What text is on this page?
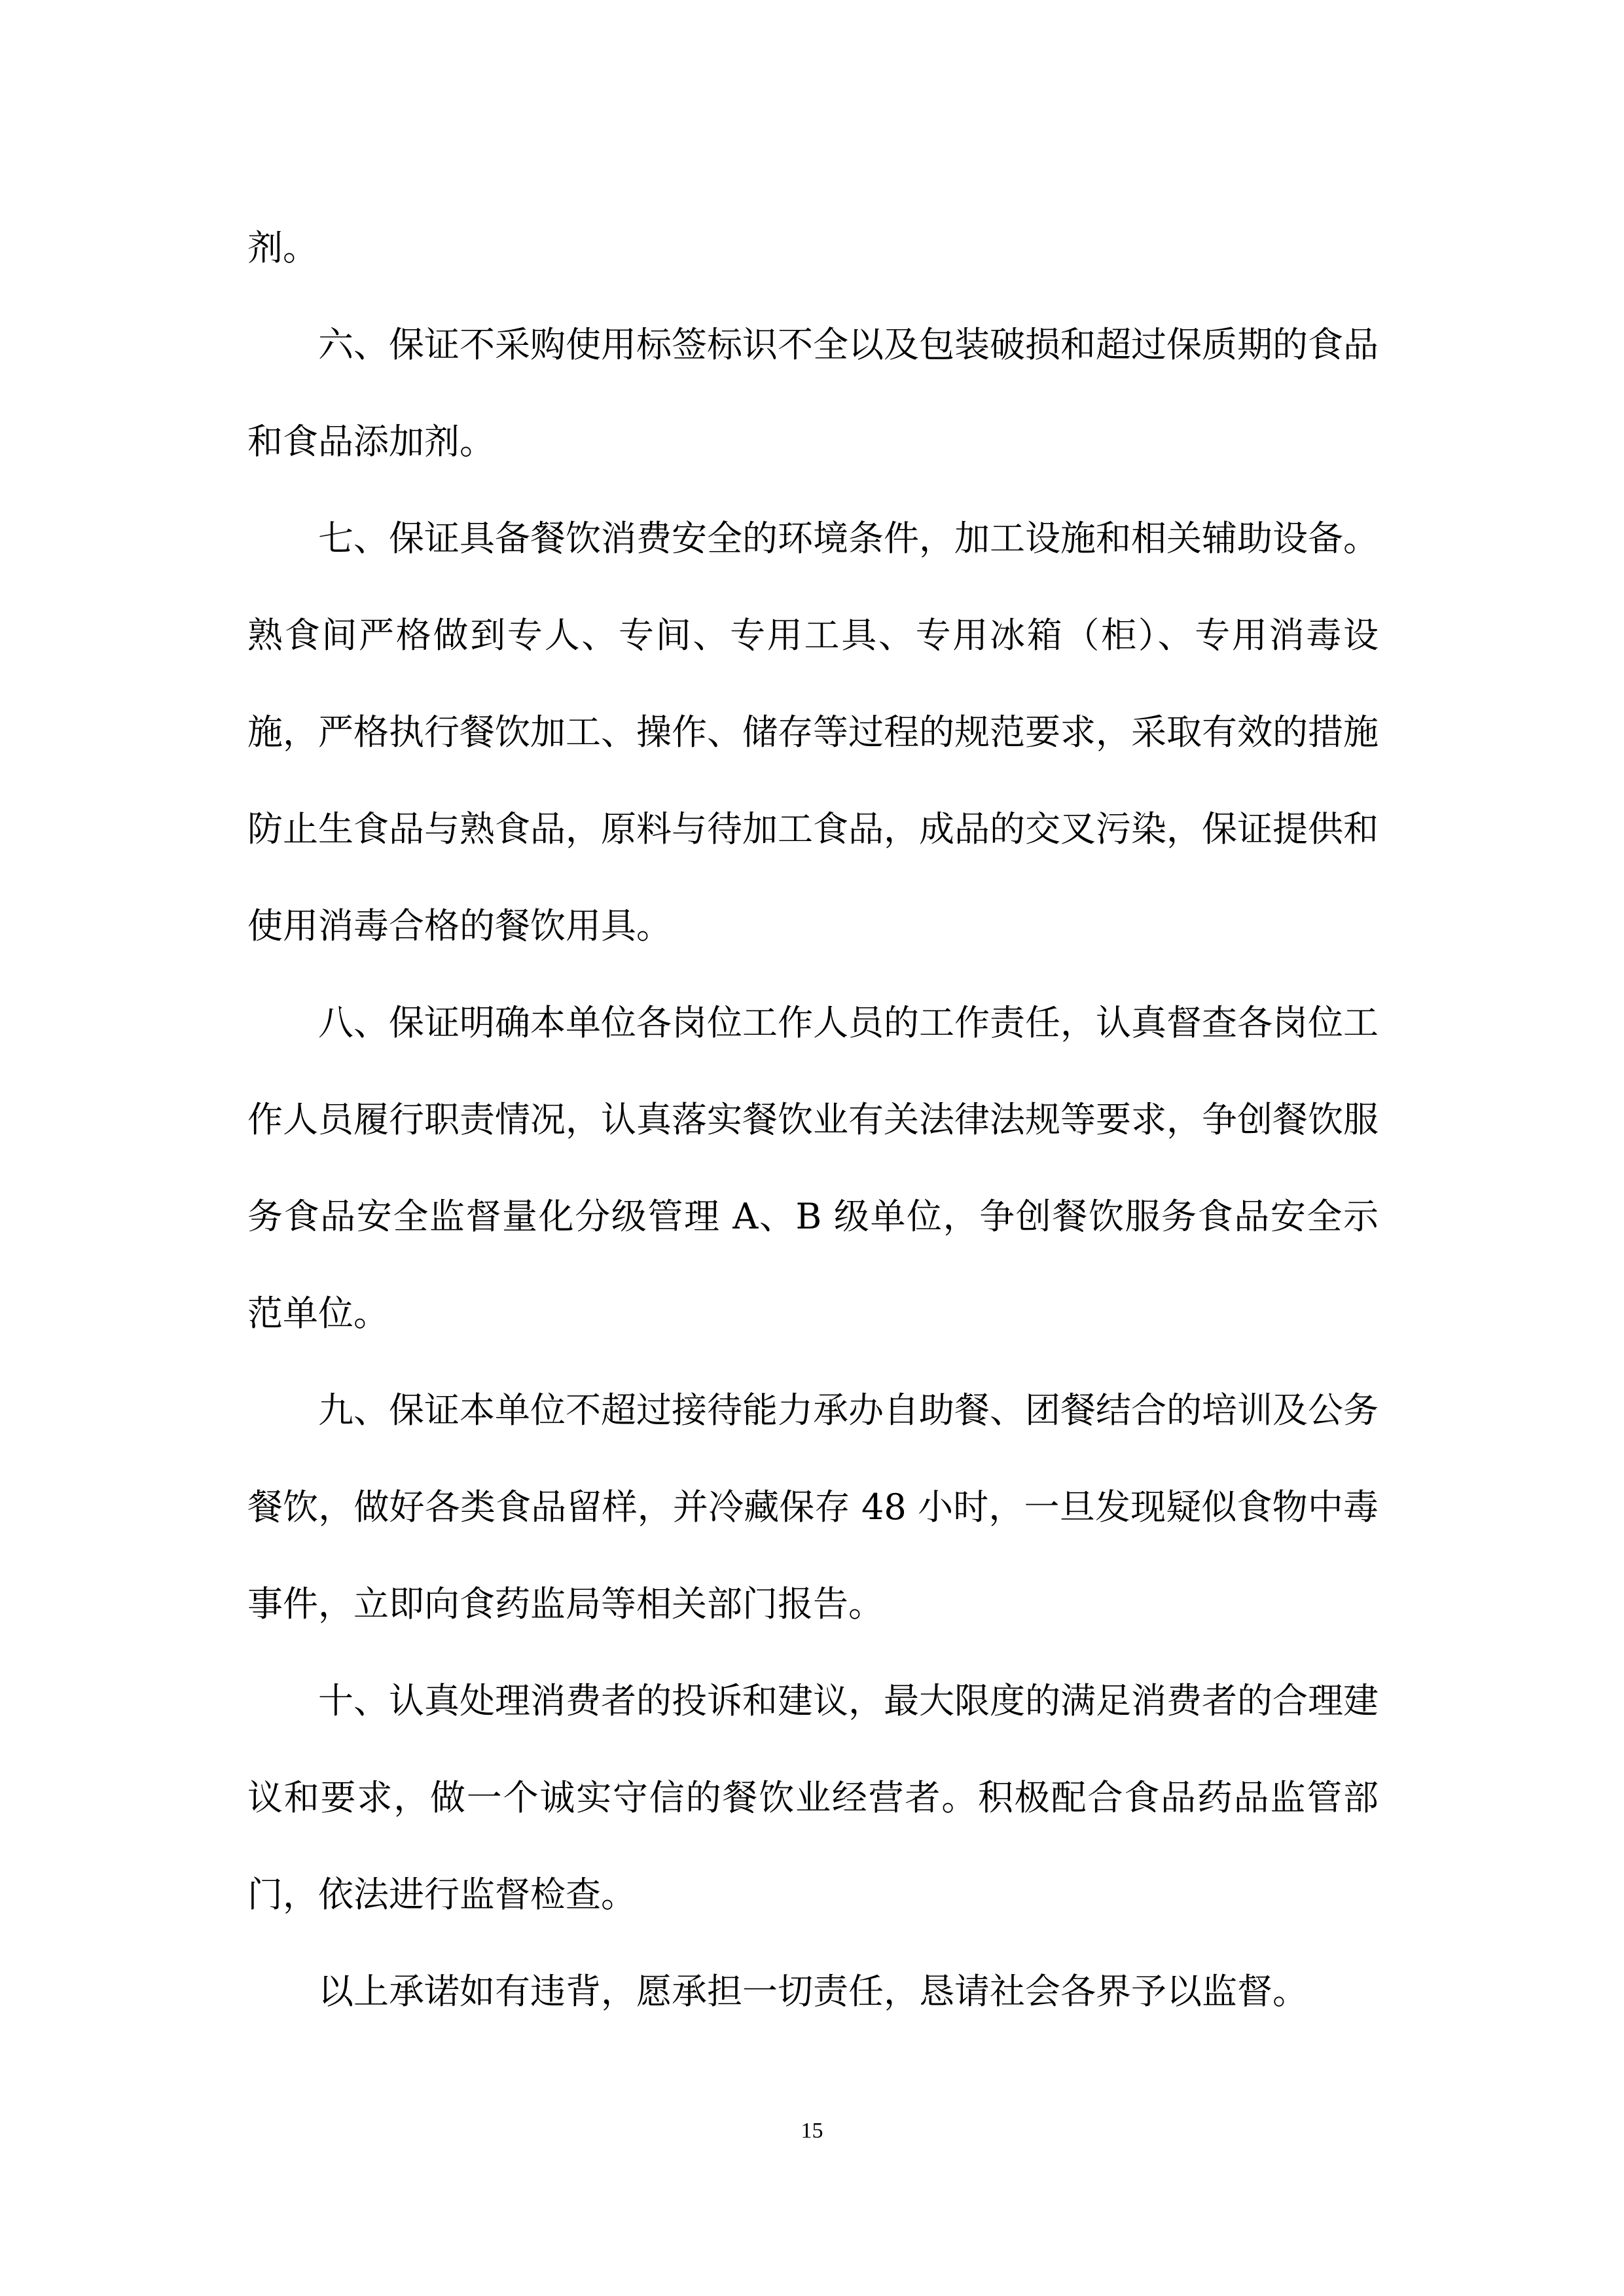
剂。

六、保证不采购使用标签标识不全以及包装破损和超过保质期的食品和食品添加剂。

七、保证具备餐饮消费安全的环境条件，加工设施和相关辅助设备。熟食间严格做到专人、专间、专用工具、专用冰箱（柜）、专用消毒设施，严格执行餐饮加工、操作、储存等过程的规范要求，采取有效的措施防止生食品与熟食品，原料与待加工食品，成品的交叉污染，保证提供和使用消毒合格的餐饮用具。

八、保证明确本单位各岗位工作人员的工作责任，认真督查各岗位工作人员履行职责情况，认真落实餐饮业有关法律法规等要求，争创餐饮服务食品安全监督量化分级管理 A、B 级单位，争创餐饮服务食品安全示范单位。

九、保证本单位不超过接待能力承办自助餐、团餐结合的培训及公务餐饮，做好各类食品留样，并冷藏保存 48 小时，一旦发现疑似食物中毒事件，立即向食药监局等相关部门报告。

十、认真处理消费者的投诉和建议，最大限度的满足消费者的合理建议和要求，做一个诚实守信的餐饮业经营者。积极配合食品药品监管部门，依法进行监督检查。

以上承诺如有违背，愿承担一切责任，恳请社会各界予以监督。

15
